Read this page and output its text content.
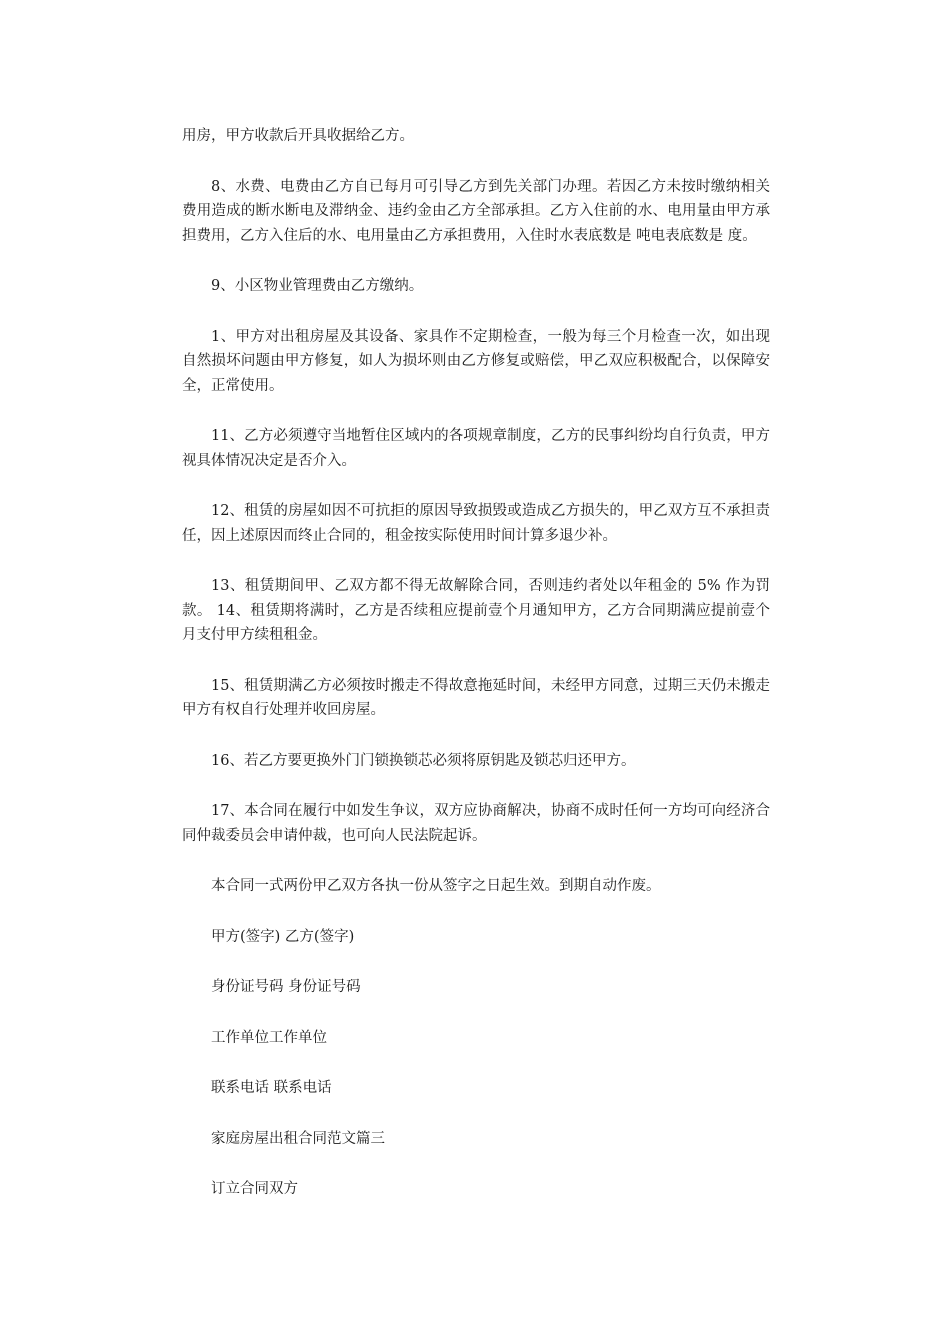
用房，甲方收款后开具收据给乙方。

8、水费、电费由乙方自已每月可引导乙方到先关部门办理。若因乙方未按时缴纳相关费用造成的断水断电及滞纳金、违约金由乙方全部承担。乙方入住前的水、电用量由甲方承担费用，乙方入住后的水、电用量由乙方承担费用，入住时水表底数是 吨电表底数是 度。

9、小区物业管理费由乙方缴纳。

1、甲方对出租房屋及其设备、家具作不定期检查，一般为每三个月检查一次，如出现自然损坏问题由甲方修复，如人为损坏则由乙方修复或赔偿，甲乙双应积极配合，以保障安全，正常使用。

11、乙方必须遵守当地暂住区域内的各项规章制度，乙方的民事纠纷均自行负责，甲方视具体情况决定是否介入。

12、租赁的房屋如因不可抗拒的原因导致损毁或造成乙方损失的，甲乙双方互不承担责任，因上述原因而终止合同的，租金按实际使用时间计算多退少补。

13、租赁期间甲、乙双方都不得无故解除合同，否则违约者处以年租金的 5% 作为罚款。 14、租赁期将满时，乙方是否续租应提前壹个月通知甲方，乙方合同期满应提前壹个月支付甲方续租租金。

15、租赁期满乙方必须按时搬走不得故意拖延时间，未经甲方同意，过期三天仍未搬走甲方有权自行处理并收回房屋。

16、若乙方要更换外门门锁换锁芯必须将原钥匙及锁芯归还甲方。

17、本合同在履行中如发生争议，双方应协商解决，协商不成时任何一方均可向经济合同仲裁委员会申请仲裁，也可向人民法院起诉。

本合同一式两份甲乙双方各执一份从签字之日起生效。到期自动作废。

甲方(签字) 乙方(签字)

身份证号码 身份证号码

工作单位工作单位

联系电话 联系电话

家庭房屋出租合同范文篇三

订立合同双方
